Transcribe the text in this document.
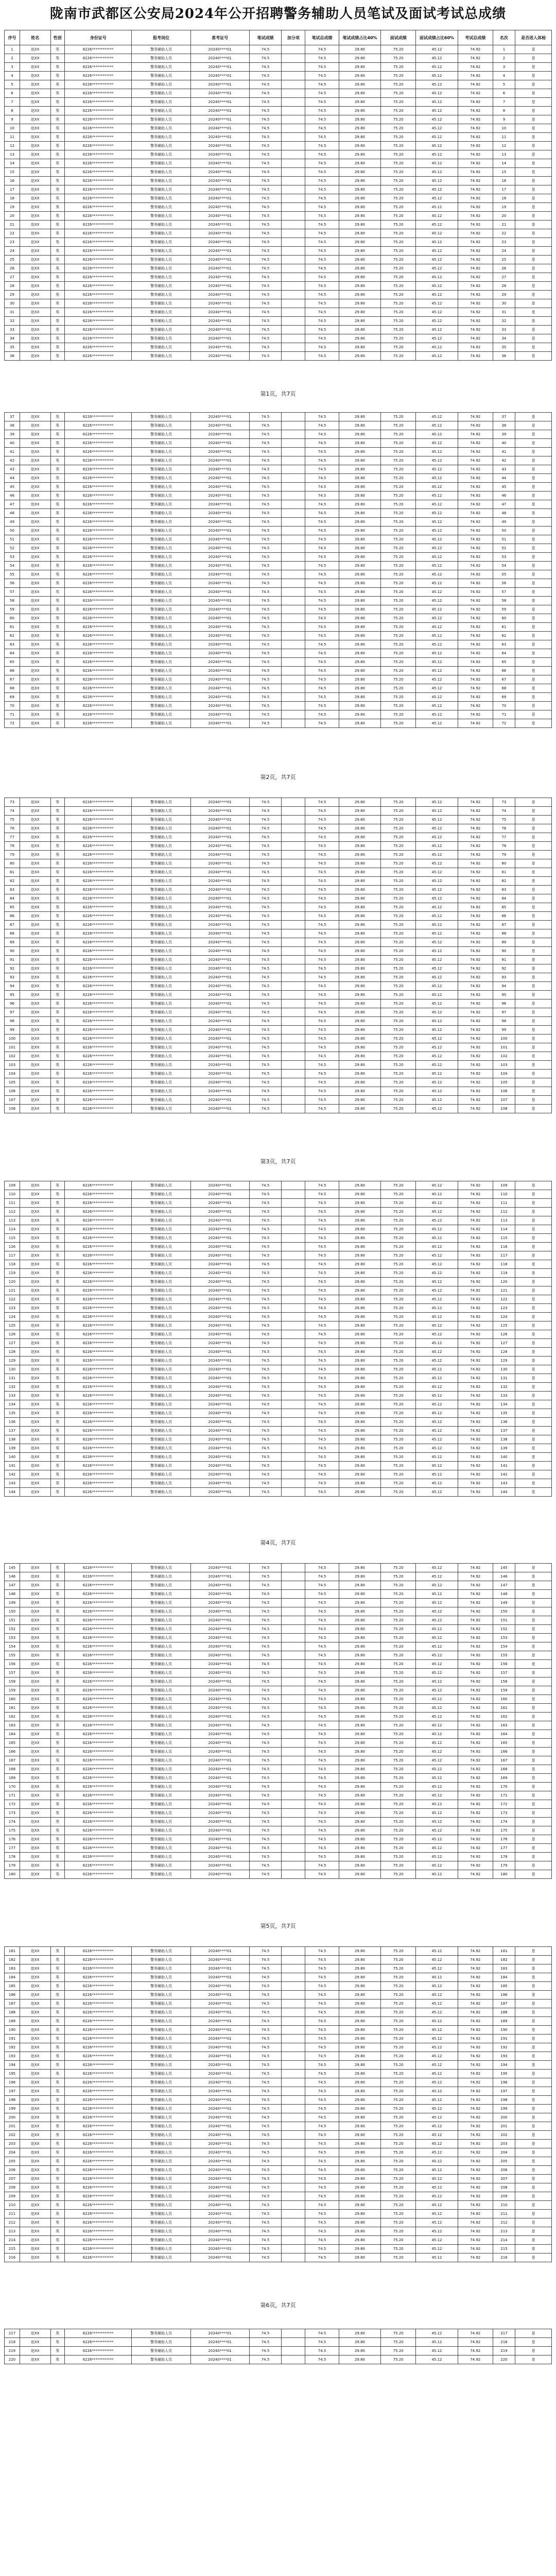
陇南市武都区公安局2024年公开招聘警务辅助人员笔试及面试考试总成绩
序号	姓名	性别	身份证号	报考岗位	准考证号	笔试成绩	加分项	笔试总成绩	笔试成绩占比40%	面试成绩	面试成绩占比60%	考试总成绩	名次	是否进入体检
1	赵XX	男	6226************	警务辅助人员	20240****01	74.5		74.5	29.80	75.20	45.12	74.92	1	是
2	赵XX	男	6226************	警务辅助人员	20240****01	74.5		74.5	29.80	75.20	45.12	74.92	2	是
3	赵XX	男	6226************	警务辅助人员	20240****01	74.5		74.5	29.80	75.20	45.12	74.92	3	是
4	赵XX	男	6226************	警务辅助人员	20240****01	74.5		74.5	29.80	75.20	45.12	74.92	4	是
5	赵XX	男	6226************	警务辅助人员	20240****01	74.5		74.5	29.80	75.20	45.12	74.92	5	是
6	赵XX	男	6226************	警务辅助人员	20240****01	74.5		74.5	29.80	75.20	45.12	74.92	6	是
7	赵XX	男	6226************	警务辅助人员	20240****01	74.5		74.5	29.80	75.20	45.12	74.92	7	是
8	赵XX	男	6226************	警务辅助人员	20240****01	74.5		74.5	29.80	75.20	45.12	74.92	8	是
9	赵XX	男	6226************	警务辅助人员	20240****01	74.5		74.5	29.80	75.20	45.12	74.92	9	是
10	赵XX	男	6226************	警务辅助人员	20240****01	74.5		74.5	29.80	75.20	45.12	74.92	10	是
11	赵XX	男	6226************	警务辅助人员	20240****01	74.5		74.5	29.80	75.20	45.12	74.92	11	是
12	赵XX	男	6226************	警务辅助人员	20240****01	74.5		74.5	29.80	75.20	45.12	74.92	12	是
13	赵XX	男	6226************	警务辅助人员	20240****01	74.5		74.5	29.80	75.20	45.12	74.92	13	是
14	赵XX	男	6226************	警务辅助人员	20240****01	74.5		74.5	29.80	75.20	45.12	74.92	14	是
15	赵XX	男	6226************	警务辅助人员	20240****01	74.5		74.5	29.80	75.20	45.12	74.92	15	是
16	赵XX	男	6226************	警务辅助人员	20240****01	74.5		74.5	29.80	75.20	45.12	74.92	16	是
17	赵XX	男	6226************	警务辅助人员	20240****01	74.5		74.5	29.80	75.20	45.12	74.92	17	是
18	赵XX	男	6226************	警务辅助人员	20240****01	74.5		74.5	29.80	75.20	45.12	74.92	18	是
19	赵XX	男	6226************	警务辅助人员	20240****01	74.5		74.5	29.80	75.20	45.12	74.92	19	是
20	赵XX	男	6226************	警务辅助人员	20240****01	74.5		74.5	29.80	75.20	45.12	74.92	20	是
21	赵XX	男	6226************	警务辅助人员	20240****01	74.5		74.5	29.80	75.20	45.12	74.92	21	是
22	赵XX	男	6226************	警务辅助人员	20240****01	74.5		74.5	29.80	75.20	45.12	74.92	22	是
23	赵XX	男	6226************	警务辅助人员	20240****01	74.5		74.5	29.80	75.20	45.12	74.92	23	是
24	赵XX	男	6226************	警务辅助人员	20240****01	74.5		74.5	29.80	75.20	45.12	74.92	24	是
25	赵XX	男	6226************	警务辅助人员	20240****01	74.5		74.5	29.80	75.20	45.12	74.92	25	是
26	赵XX	男	6226************	警务辅助人员	20240****01	74.5		74.5	29.80	75.20	45.12	74.92	26	是
27	赵XX	男	6226************	警务辅助人员	20240****01	74.5		74.5	29.80	75.20	45.12	74.92	27	是
28	赵XX	男	6226************	警务辅助人员	20240****01	74.5		74.5	29.80	75.20	45.12	74.92	28	是
29	赵XX	男	6226************	警务辅助人员	20240****01	74.5		74.5	29.80	75.20	45.12	74.92	29	是
30	赵XX	男	6226************	警务辅助人员	20240****01	74.5		74.5	29.80	75.20	45.12	74.92	30	是
31	赵XX	男	6226************	警务辅助人员	20240****01	74.5		74.5	29.80	75.20	45.12	74.92	31	是
32	赵XX	男	6226************	警务辅助人员	20240****01	74.5		74.5	29.80	75.20	45.12	74.92	32	是
33	赵XX	男	6226************	警务辅助人员	20240****01	74.5		74.5	29.80	75.20	45.12	74.92	33	是
34	赵XX	男	6226************	警务辅助人员	20240****01	74.5		74.5	29.80	75.20	45.12	74.92	34	是
35	赵XX	男	6226************	警务辅助人员	20240****01	74.5		74.5	29.80	75.20	45.12	74.92	35	是
36	赵XX	男	6226************	警务辅助人员	20240****01	74.5		74.5	29.80	75.20	45.12	74.92	36	是
第1页，共7页
37	赵XX	男	6226************	警务辅助人员	20240****01	74.5		74.5	29.80	75.20	45.12	74.92	37	是
38	赵XX	男	6226************	警务辅助人员	20240****01	74.5		74.5	29.80	75.20	45.12	74.92	38	是
39	赵XX	男	6226************	警务辅助人员	20240****01	74.5		74.5	29.80	75.20	45.12	74.92	39	是
40	赵XX	男	6226************	警务辅助人员	20240****01	74.5		74.5	29.80	75.20	45.12	74.92	40	是
41	赵XX	男	6226************	警务辅助人员	20240****01	74.5		74.5	29.80	75.20	45.12	74.92	41	是
42	赵XX	男	6226************	警务辅助人员	20240****01	74.5		74.5	29.80	75.20	45.12	74.92	42	是
43	赵XX	男	6226************	警务辅助人员	20240****01	74.5		74.5	29.80	75.20	45.12	74.92	43	是
44	赵XX	男	6226************	警务辅助人员	20240****01	74.5		74.5	29.80	75.20	45.12	74.92	44	是
45	赵XX	男	6226************	警务辅助人员	20240****01	74.5		74.5	29.80	75.20	45.12	74.92	45	是
46	赵XX	男	6226************	警务辅助人员	20240****01	74.5		74.5	29.80	75.20	45.12	74.92	46	是
47	赵XX	男	6226************	警务辅助人员	20240****01	74.5		74.5	29.80	75.20	45.12	74.92	47	是
48	赵XX	男	6226************	警务辅助人员	20240****01	74.5		74.5	29.80	75.20	45.12	74.92	48	是
49	赵XX	男	6226************	警务辅助人员	20240****01	74.5		74.5	29.80	75.20	45.12	74.92	49	是
50	赵XX	男	6226************	警务辅助人员	20240****01	74.5		74.5	29.80	75.20	45.12	74.92	50	是
51	赵XX	男	6226************	警务辅助人员	20240****01	74.5		74.5	29.80	75.20	45.12	74.92	51	是
52	赵XX	男	6226************	警务辅助人员	20240****01	74.5		74.5	29.80	75.20	45.12	74.92	52	是
53	赵XX	男	6226************	警务辅助人员	20240****01	74.5		74.5	29.80	75.20	45.12	74.92	53	是
54	赵XX	男	6226************	警务辅助人员	20240****01	74.5		74.5	29.80	75.20	45.12	74.92	54	是
55	赵XX	男	6226************	警务辅助人员	20240****01	74.5		74.5	29.80	75.20	45.12	74.92	55	是
56	赵XX	男	6226************	警务辅助人员	20240****01	74.5		74.5	29.80	75.20	45.12	74.92	56	是
57	赵XX	男	6226************	警务辅助人员	20240****01	74.5		74.5	29.80	75.20	45.12	74.92	57	是
58	赵XX	男	6226************	警务辅助人员	20240****01	74.5		74.5	29.80	75.20	45.12	74.92	58	是
59	赵XX	男	6226************	警务辅助人员	20240****01	74.5		74.5	29.80	75.20	45.12	74.92	59	是
60	赵XX	男	6226************	警务辅助人员	20240****01	74.5		74.5	29.80	75.20	45.12	74.92	60	是
61	赵XX	男	6226************	警务辅助人员	20240****01	74.5		74.5	29.80	75.20	45.12	74.92	61	是
62	赵XX	男	6226************	警务辅助人员	20240****01	74.5		74.5	29.80	75.20	45.12	74.92	62	是
63	赵XX	男	6226************	警务辅助人员	20240****01	74.5		74.5	29.80	75.20	45.12	74.92	63	是
64	赵XX	男	6226************	警务辅助人员	20240****01	74.5		74.5	29.80	75.20	45.12	74.92	64	是
65	赵XX	男	6226************	警务辅助人员	20240****01	74.5		74.5	29.80	75.20	45.12	74.92	65	是
66	赵XX	男	6226************	警务辅助人员	20240****01	74.5		74.5	29.80	75.20	45.12	74.92	66	是
67	赵XX	男	6226************	警务辅助人员	20240****01	74.5		74.5	29.80	75.20	45.12	74.92	67	是
68	赵XX	男	6226************	警务辅助人员	20240****01	74.5		74.5	29.80	75.20	45.12	74.92	68	是
69	赵XX	男	6226************	警务辅助人员	20240****01	74.5		74.5	29.80	75.20	45.12	74.92	69	是
70	赵XX	男	6226************	警务辅助人员	20240****01	74.5		74.5	29.80	75.20	45.12	74.92	70	是
71	赵XX	男	6226************	警务辅助人员	20240****01	74.5		74.5	29.80	75.20	45.12	74.92	71	是
72	赵XX	男	6226************	警务辅助人员	20240****01	74.5		74.5	29.80	75.20	45.12	74.92	72	是
第2页，共7页
73	赵XX	男	6226************	警务辅助人员	20240****01	74.5		74.5	29.80	75.20	45.12	74.92	73	是
74	赵XX	男	6226************	警务辅助人员	20240****01	74.5		74.5	29.80	75.20	45.12	74.92	74	是
75	赵XX	男	6226************	警务辅助人员	20240****01	74.5		74.5	29.80	75.20	45.12	74.92	75	是
76	赵XX	男	6226************	警务辅助人员	20240****01	74.5		74.5	29.80	75.20	45.12	74.92	76	是
77	赵XX	男	6226************	警务辅助人员	20240****01	74.5		74.5	29.80	75.20	45.12	74.92	77	是
78	赵XX	男	6226************	警务辅助人员	20240****01	74.5		74.5	29.80	75.20	45.12	74.92	78	是
79	赵XX	男	6226************	警务辅助人员	20240****01	74.5		74.5	29.80	75.20	45.12	74.92	79	是
80	赵XX	男	6226************	警务辅助人员	20240****01	74.5		74.5	29.80	75.20	45.12	74.92	80	是
81	赵XX	男	6226************	警务辅助人员	20240****01	74.5		74.5	29.80	75.20	45.12	74.92	81	是
82	赵XX	男	6226************	警务辅助人员	20240****01	74.5		74.5	29.80	75.20	45.12	74.92	82	是
83	赵XX	男	6226************	警务辅助人员	20240****01	74.5		74.5	29.80	75.20	45.12	74.92	83	是
84	赵XX	男	6226************	警务辅助人员	20240****01	74.5		74.5	29.80	75.20	45.12	74.92	84	是
85	赵XX	男	6226************	警务辅助人员	20240****01	74.5		74.5	29.80	75.20	45.12	74.92	85	是
86	赵XX	男	6226************	警务辅助人员	20240****01	74.5		74.5	29.80	75.20	45.12	74.92	86	是
87	赵XX	男	6226************	警务辅助人员	20240****01	74.5		74.5	29.80	75.20	45.12	74.92	87	是
88	赵XX	男	6226************	警务辅助人员	20240****01	74.5		74.5	29.80	75.20	45.12	74.92	88	是
89	赵XX	男	6226************	警务辅助人员	20240****01	74.5		74.5	29.80	75.20	45.12	74.92	89	是
90	赵XX	男	6226************	警务辅助人员	20240****01	74.5		74.5	29.80	75.20	45.12	74.92	90	是
91	赵XX	男	6226************	警务辅助人员	20240****01	74.5		74.5	29.80	75.20	45.12	74.92	91	是
92	赵XX	男	6226************	警务辅助人员	20240****01	74.5		74.5	29.80	75.20	45.12	74.92	92	是
93	赵XX	男	6226************	警务辅助人员	20240****01	74.5		74.5	29.80	75.20	45.12	74.92	93	是
94	赵XX	男	6226************	警务辅助人员	20240****01	74.5		74.5	29.80	75.20	45.12	74.92	94	是
95	赵XX	男	6226************	警务辅助人员	20240****01	74.5		74.5	29.80	75.20	45.12	74.92	95	是
96	赵XX	男	6226************	警务辅助人员	20240****01	74.5		74.5	29.80	75.20	45.12	74.92	96	是
97	赵XX	男	6226************	警务辅助人员	20240****01	74.5		74.5	29.80	75.20	45.12	74.92	97	是
98	赵XX	男	6226************	警务辅助人员	20240****01	74.5		74.5	29.80	75.20	45.12	74.92	98	是
99	赵XX	男	6226************	警务辅助人员	20240****01	74.5		74.5	29.80	75.20	45.12	74.92	99	是
100	赵XX	男	6226************	警务辅助人员	20240****01	74.5		74.5	29.80	75.20	45.12	74.92	100	是
101	赵XX	男	6226************	警务辅助人员	20240****01	74.5		74.5	29.80	75.20	45.12	74.92	101	是
102	赵XX	男	6226************	警务辅助人员	20240****01	74.5		74.5	29.80	75.20	45.12	74.92	102	是
103	赵XX	男	6226************	警务辅助人员	20240****01	74.5		74.5	29.80	75.20	45.12	74.92	103	是
104	赵XX	男	6226************	警务辅助人员	20240****01	74.5		74.5	29.80	75.20	45.12	74.92	104	是
105	赵XX	男	6226************	警务辅助人员	20240****01	74.5		74.5	29.80	75.20	45.12	74.92	105	是
106	赵XX	男	6226************	警务辅助人员	20240****01	74.5		74.5	29.80	75.20	45.12	74.92	106	是
107	赵XX	男	6226************	警务辅助人员	20240****01	74.5		74.5	29.80	75.20	45.12	74.92	107	是
108	赵XX	男	6226************	警务辅助人员	20240****01	74.5		74.5	29.80	75.20	45.12	74.92	108	是
第3页，共7页
109	赵XX	男	6226************	警务辅助人员	20240****01	74.5		74.5	29.80	75.20	45.12	74.92	109	是
110	赵XX	男	6226************	警务辅助人员	20240****01	74.5		74.5	29.80	75.20	45.12	74.92	110	是
111	赵XX	男	6226************	警务辅助人员	20240****01	74.5		74.5	29.80	75.20	45.12	74.92	111	是
112	赵XX	男	6226************	警务辅助人员	20240****01	74.5		74.5	29.80	75.20	45.12	74.92	112	是
113	赵XX	男	6226************	警务辅助人员	20240****01	74.5		74.5	29.80	75.20	45.12	74.92	113	是
114	赵XX	男	6226************	警务辅助人员	20240****01	74.5		74.5	29.80	75.20	45.12	74.92	114	是
115	赵XX	男	6226************	警务辅助人员	20240****01	74.5		74.5	29.80	75.20	45.12	74.92	115	是
116	赵XX	男	6226************	警务辅助人员	20240****01	74.5		74.5	29.80	75.20	45.12	74.92	116	是
117	赵XX	男	6226************	警务辅助人员	20240****01	74.5		74.5	29.80	75.20	45.12	74.92	117	是
118	赵XX	男	6226************	警务辅助人员	20240****01	74.5		74.5	29.80	75.20	45.12	74.92	118	是
119	赵XX	男	6226************	警务辅助人员	20240****01	74.5		74.5	29.80	75.20	45.12	74.92	119	是
120	赵XX	男	6226************	警务辅助人员	20240****01	74.5		74.5	29.80	75.20	45.12	74.92	120	是
121	赵XX	男	6226************	警务辅助人员	20240****01	74.5		74.5	29.80	75.20	45.12	74.92	121	是
122	赵XX	男	6226************	警务辅助人员	20240****01	74.5		74.5	29.80	75.20	45.12	74.92	122	是
123	赵XX	男	6226************	警务辅助人员	20240****01	74.5		74.5	29.80	75.20	45.12	74.92	123	是
124	赵XX	男	6226************	警务辅助人员	20240****01	74.5		74.5	29.80	75.20	45.12	74.92	124	是
125	赵XX	男	6226************	警务辅助人员	20240****01	74.5		74.5	29.80	75.20	45.12	74.92	125	是
126	赵XX	男	6226************	警务辅助人员	20240****01	74.5		74.5	29.80	75.20	45.12	74.92	126	是
127	赵XX	男	6226************	警务辅助人员	20240****01	74.5		74.5	29.80	75.20	45.12	74.92	127	是
128	赵XX	男	6226************	警务辅助人员	20240****01	74.5		74.5	29.80	75.20	45.12	74.92	128	是
129	赵XX	男	6226************	警务辅助人员	20240****01	74.5		74.5	29.80	75.20	45.12	74.92	129	是
130	赵XX	男	6226************	警务辅助人员	20240****01	74.5		74.5	29.80	75.20	45.12	74.92	130	是
131	赵XX	男	6226************	警务辅助人员	20240****01	74.5		74.5	29.80	75.20	45.12	74.92	131	是
132	赵XX	男	6226************	警务辅助人员	20240****01	74.5		74.5	29.80	75.20	45.12	74.92	132	是
133	赵XX	男	6226************	警务辅助人员	20240****01	74.5		74.5	29.80	75.20	45.12	74.92	133	是
134	赵XX	男	6226************	警务辅助人员	20240****01	74.5		74.5	29.80	75.20	45.12	74.92	134	是
135	赵XX	男	6226************	警务辅助人员	20240****01	74.5		74.5	29.80	75.20	45.12	74.92	135	是
136	赵XX	男	6226************	警务辅助人员	20240****01	74.5		74.5	29.80	75.20	45.12	74.92	136	是
137	赵XX	男	6226************	警务辅助人员	20240****01	74.5		74.5	29.80	75.20	45.12	74.92	137	是
138	赵XX	男	6226************	警务辅助人员	20240****01	74.5		74.5	29.80	75.20	45.12	74.92	138	是
139	赵XX	男	6226************	警务辅助人员	20240****01	74.5		74.5	29.80	75.20	45.12	74.92	139	是
140	赵XX	男	6226************	警务辅助人员	20240****01	74.5		74.5	29.80	75.20	45.12	74.92	140	是
141	赵XX	男	6226************	警务辅助人员	20240****01	74.5		74.5	29.80	75.20	45.12	74.92	141	是
142	赵XX	男	6226************	警务辅助人员	20240****01	74.5		74.5	29.80	75.20	45.12	74.92	142	是
143	赵XX	男	6226************	警务辅助人员	20240****01	74.5		74.5	29.80	75.20	45.12	74.92	143	是
144	赵XX	男	6226************	警务辅助人员	20240****01	74.5		74.5	29.80	75.20	45.12	74.92	144	是
第4页，共7页
145	赵XX	男	6226************	警务辅助人员	20240****01	74.5		74.5	29.80	75.20	45.12	74.92	145	是
146	赵XX	男	6226************	警务辅助人员	20240****01	74.5		74.5	29.80	75.20	45.12	74.92	146	是
147	赵XX	男	6226************	警务辅助人员	20240****01	74.5		74.5	29.80	75.20	45.12	74.92	147	是
148	赵XX	男	6226************	警务辅助人员	20240****01	74.5		74.5	29.80	75.20	45.12	74.92	148	是
149	赵XX	男	6226************	警务辅助人员	20240****01	74.5		74.5	29.80	75.20	45.12	74.92	149	是
150	赵XX	男	6226************	警务辅助人员	20240****01	74.5		74.5	29.80	75.20	45.12	74.92	150	是
151	赵XX	男	6226************	警务辅助人员	20240****01	74.5		74.5	29.80	75.20	45.12	74.92	151	是
152	赵XX	男	6226************	警务辅助人员	20240****01	74.5		74.5	29.80	75.20	45.12	74.92	152	是
153	赵XX	男	6226************	警务辅助人员	20240****01	74.5		74.5	29.80	75.20	45.12	74.92	153	是
154	赵XX	男	6226************	警务辅助人员	20240****01	74.5		74.5	29.80	75.20	45.12	74.92	154	是
155	赵XX	男	6226************	警务辅助人员	20240****01	74.5		74.5	29.80	75.20	45.12	74.92	155	是
156	赵XX	男	6226************	警务辅助人员	20240****01	74.5		74.5	29.80	75.20	45.12	74.92	156	是
157	赵XX	男	6226************	警务辅助人员	20240****01	74.5		74.5	29.80	75.20	45.12	74.92	157	是
158	赵XX	男	6226************	警务辅助人员	20240****01	74.5		74.5	29.80	75.20	45.12	74.92	158	是
159	赵XX	男	6226************	警务辅助人员	20240****01	74.5		74.5	29.80	75.20	45.12	74.92	159	是
160	赵XX	男	6226************	警务辅助人员	20240****01	74.5		74.5	29.80	75.20	45.12	74.92	160	是
161	赵XX	男	6226************	警务辅助人员	20240****01	74.5		74.5	29.80	75.20	45.12	74.92	161	是
162	赵XX	男	6226************	警务辅助人员	20240****01	74.5		74.5	29.80	75.20	45.12	74.92	162	是
163	赵XX	男	6226************	警务辅助人员	20240****01	74.5		74.5	29.80	75.20	45.12	74.92	163	是
164	赵XX	男	6226************	警务辅助人员	20240****01	74.5		74.5	29.80	75.20	45.12	74.92	164	是
165	赵XX	男	6226************	警务辅助人员	20240****01	74.5		74.5	29.80	75.20	45.12	74.92	165	是
166	赵XX	男	6226************	警务辅助人员	20240****01	74.5		74.5	29.80	75.20	45.12	74.92	166	是
167	赵XX	男	6226************	警务辅助人员	20240****01	74.5		74.5	29.80	75.20	45.12	74.92	167	是
168	赵XX	男	6226************	警务辅助人员	20240****01	74.5		74.5	29.80	75.20	45.12	74.92	168	是
169	赵XX	男	6226************	警务辅助人员	20240****01	74.5		74.5	29.80	75.20	45.12	74.92	169	是
170	赵XX	男	6226************	警务辅助人员	20240****01	74.5		74.5	29.80	75.20	45.12	74.92	170	是
171	赵XX	男	6226************	警务辅助人员	20240****01	74.5		74.5	29.80	75.20	45.12	74.92	171	是
172	赵XX	男	6226************	警务辅助人员	20240****01	74.5		74.5	29.80	75.20	45.12	74.92	172	是
173	赵XX	男	6226************	警务辅助人员	20240****01	74.5		74.5	29.80	75.20	45.12	74.92	173	是
174	赵XX	男	6226************	警务辅助人员	20240****01	74.5		74.5	29.80	75.20	45.12	74.92	174	是
175	赵XX	男	6226************	警务辅助人员	20240****01	74.5		74.5	29.80	75.20	45.12	74.92	175	是
176	赵XX	男	6226************	警务辅助人员	20240****01	74.5		74.5	29.80	75.20	45.12	74.92	176	是
177	赵XX	男	6226************	警务辅助人员	20240****01	74.5		74.5	29.80	75.20	45.12	74.92	177	是
178	赵XX	男	6226************	警务辅助人员	20240****01	74.5		74.5	29.80	75.20	45.12	74.92	178	是
179	赵XX	男	6226************	警务辅助人员	20240****01	74.5		74.5	29.80	75.20	45.12	74.92	179	是
180	赵XX	男	6226************	警务辅助人员	20240****01	74.5		74.5	29.80	75.20	45.12	74.92	180	是
第5页，共7页
181	赵XX	男	6226************	警务辅助人员	20240****01	74.5		74.5	29.80	75.20	45.12	74.92	181	是
182	赵XX	男	6226************	警务辅助人员	20240****01	74.5		74.5	29.80	75.20	45.12	74.92	182	是
183	赵XX	男	6226************	警务辅助人员	20240****01	74.5		74.5	29.80	75.20	45.12	74.92	183	是
184	赵XX	男	6226************	警务辅助人员	20240****01	74.5		74.5	29.80	75.20	45.12	74.92	184	是
185	赵XX	男	6226************	警务辅助人员	20240****01	74.5		74.5	29.80	75.20	45.12	74.92	185	是
186	赵XX	男	6226************	警务辅助人员	20240****01	74.5		74.5	29.80	75.20	45.12	74.92	186	是
187	赵XX	男	6226************	警务辅助人员	20240****01	74.5		74.5	29.80	75.20	45.12	74.92	187	是
188	赵XX	男	6226************	警务辅助人员	20240****01	74.5		74.5	29.80	75.20	45.12	74.92	188	是
189	赵XX	男	6226************	警务辅助人员	20240****01	74.5		74.5	29.80	75.20	45.12	74.92	189	是
190	赵XX	男	6226************	警务辅助人员	20240****01	74.5		74.5	29.80	75.20	45.12	74.92	190	是
191	赵XX	男	6226************	警务辅助人员	20240****01	74.5		74.5	29.80	75.20	45.12	74.92	191	是
192	赵XX	男	6226************	警务辅助人员	20240****01	74.5		74.5	29.80	75.20	45.12	74.92	192	是
193	赵XX	男	6226************	警务辅助人员	20240****01	74.5		74.5	29.80	75.20	45.12	74.92	193	是
194	赵XX	男	6226************	警务辅助人员	20240****01	74.5		74.5	29.80	75.20	45.12	74.92	194	是
195	赵XX	男	6226************	警务辅助人员	20240****01	74.5		74.5	29.80	75.20	45.12	74.92	195	是
196	赵XX	男	6226************	警务辅助人员	20240****01	74.5		74.5	29.80	75.20	45.12	74.92	196	是
197	赵XX	男	6226************	警务辅助人员	20240****01	74.5		74.5	29.80	75.20	45.12	74.92	197	是
198	赵XX	男	6226************	警务辅助人员	20240****01	74.5		74.5	29.80	75.20	45.12	74.92	198	是
199	赵XX	男	6226************	警务辅助人员	20240****01	74.5		74.5	29.80	75.20	45.12	74.92	199	是
200	赵XX	男	6226************	警务辅助人员	20240****01	74.5		74.5	29.80	75.20	45.12	74.92	200	是
201	赵XX	男	6226************	警务辅助人员	20240****01	74.5		74.5	29.80	75.20	45.12	74.92	201	是
202	赵XX	男	6226************	警务辅助人员	20240****01	74.5		74.5	29.80	75.20	45.12	74.92	202	是
203	赵XX	男	6226************	警务辅助人员	20240****01	74.5		74.5	29.80	75.20	45.12	74.92	203	是
204	赵XX	男	6226************	警务辅助人员	20240****01	74.5		74.5	29.80	75.20	45.12	74.92	204	是
205	赵XX	男	6226************	警务辅助人员	20240****01	74.5		74.5	29.80	75.20	45.12	74.92	205	是
206	赵XX	男	6226************	警务辅助人员	20240****01	74.5		74.5	29.80	75.20	45.12	74.92	206	是
207	赵XX	男	6226************	警务辅助人员	20240****01	74.5		74.5	29.80	75.20	45.12	74.92	207	是
208	赵XX	男	6226************	警务辅助人员	20240****01	74.5		74.5	29.80	75.20	45.12	74.92	208	是
209	赵XX	男	6226************	警务辅助人员	20240****01	74.5		74.5	29.80	75.20	45.12	74.92	209	是
210	赵XX	男	6226************	警务辅助人员	20240****01	74.5		74.5	29.80	75.20	45.12	74.92	210	是
211	赵XX	男	6226************	警务辅助人员	20240****01	74.5		74.5	29.80	75.20	45.12	74.92	211	是
212	赵XX	男	6226************	警务辅助人员	20240****01	74.5		74.5	29.80	75.20	45.12	74.92	212	是
213	赵XX	男	6226************	警务辅助人员	20240****01	74.5		74.5	29.80	75.20	45.12	74.92	213	是
214	赵XX	男	6226************	警务辅助人员	20240****01	74.5		74.5	29.80	75.20	45.12	74.92	214	是
215	赵XX	男	6226************	警务辅助人员	20240****01	74.5		74.5	29.80	75.20	45.12	74.92	215	是
216	赵XX	男	6226************	警务辅助人员	20240****01	74.5		74.5	29.80	75.20	45.12	74.92	216	是
第6页，共7页
217	赵XX	男	6226************	警务辅助人员	20240****01	74.5		74.5	29.80	75.20	45.12	74.92	217	是
218	赵XX	男	6226************	警务辅助人员	20240****01	74.5		74.5	29.80	75.20	45.12	74.92	218	是
219	赵XX	男	6226************	警务辅助人员	20240****01	74.5		74.5	29.80	75.20	45.12	74.92	219	是
220	赵XX	男	6226************	警务辅助人员	20240****01	74.5		74.5	29.80	75.20	45.12	74.92	220	是
